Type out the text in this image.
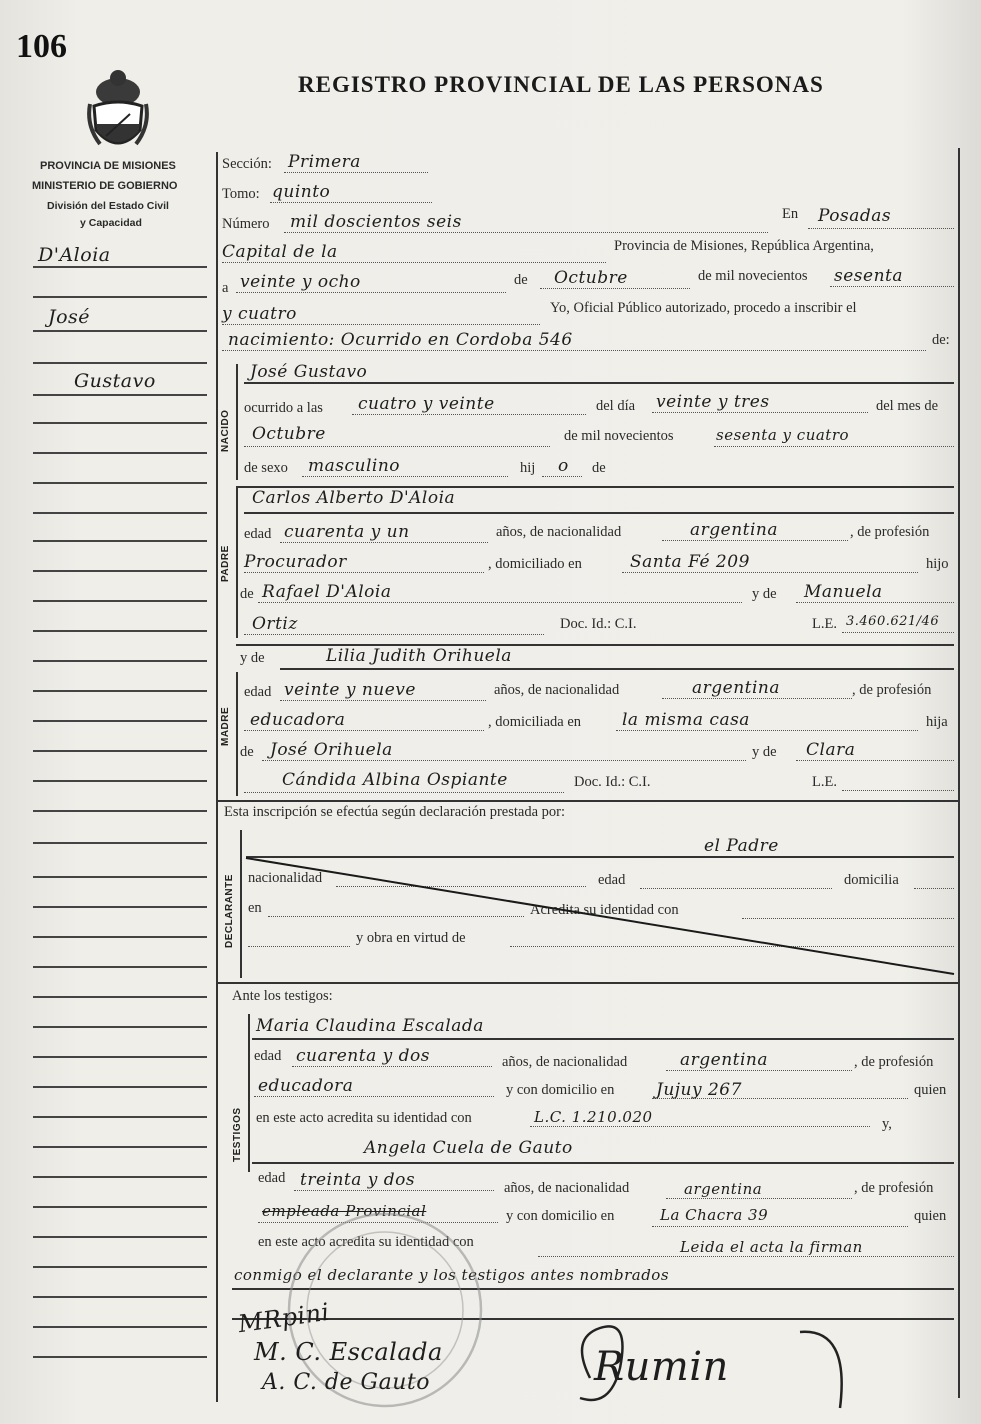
106
REGISTRO PROVINCIAL DE LAS PERSONAS
PROVINCIA DE MISIONES
MINISTERIO DE GOBIERNO
División del Estado Civil
y Capacidad
D'Aloia
José
Gustavo
Sección: Primera
Tomo: quinto
Número mil doscientos seis	En Posadas
Capital de la	Provincia de Misiones, República Argentina,
a veinte y ocho	de Octubre	de mil novecientos sesenta
y cuatro	Yo, Oficial Público autorizado, procedo a inscribir el
nacimiento: Ocurrido en Cordoba 546	de:
NACIDO
José Gustavo
ocurrido a las cuatro y veinte	del día veinte y tres	del mes de
Octubre	de mil novecientos	sesenta y cuatro
de sexo masculino	hij o de
PADRE
Carlos Alberto D'Aloia
edad cuarenta y un	años, de nacionalidad	argentina	, de profesión
Procurador	, domiciliado en	Santa Fé 209	hijo
de Rafael D'Aloia	y de Manuela
Ortiz	Doc. Id.: C.I.	L.E. 3.460.621/46
y de
MADRE
Lilia Judith Orihuela
edad veinte y nueve	años, de nacionalidad	argentina	, de profesión
educadora	, domiciliada en la misma casa	hija
de José Orihuela	y de Clara
Cándida Albina Ospiante	Doc. Id.: C.I.	L.E.
Esta inscripción se efectúa según declaración prestada por:
DECLARANTE
el Padre
nacionalidad	edad	domicilia
en	Acredita su identidad con
y obra en virtud de
Ante los testigos:
TESTIGOS
Maria Claudina Escalada
edad cuarenta y dos	años, de nacionalidad	argentina	, de profesión
educadora	y con domicilio en Jujuy 267	quien
en este acto acredita su identidad con	L.C. 1.210.020	y,
Angela Cuela de Gauto
edad treinta y dos	años, de nacionalidad	argentina	, de profesión
empleada Provincial	y con domicilio en	La Chacra 39	quien
en este acto acredita su identidad con	Leida el acta la firman
conmigo el declarante y los testigos antes nombrados
MRpini
M. C. Escalada
A. C. de Gauto	Rumin
